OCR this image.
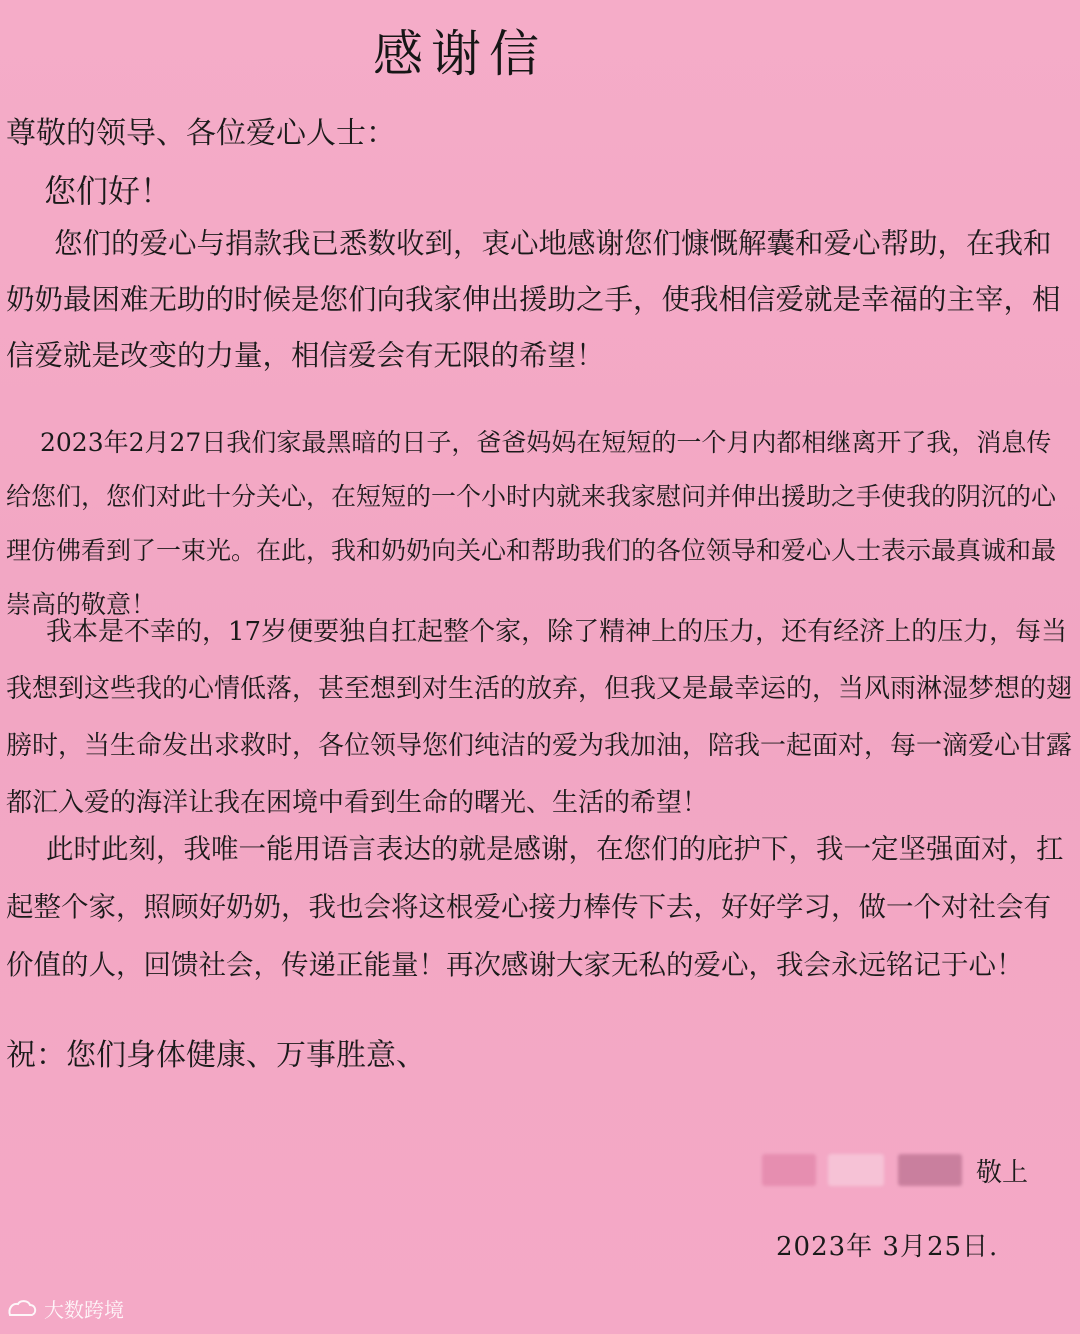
感谢信
尊敬的领导、各位爱心人士：
您们好！
您们的爱心与捐款我已悉数收到，衷心地感谢您们慷慨解囊和爱心帮助，在我和奶奶最困难无助的时候是您们向我家伸出援助之手，使我相信爱就是幸福的主宰，相信爱就是改变的力量，相信爱会有无限的希望！
2023年2月27日我们家最黑暗的日子，爸爸妈妈在短短的一个月内都相继离开了我，消息传给您们，您们对此十分关心，在短短的一个小时内就来我家慰问并伸出援助之手使我的阴沉的心理仿佛看到了一束光。在此，我和奶奶向关心和帮助我们的各位领导和爱心人士表示最真诚和最崇高的敬意！
我本是不幸的，17岁便要独自扛起整个家，除了精神上的压力，还有经济上的压力，每当我想到这些我的心情低落，甚至想到对生活的放弃，但我又是最幸运的，当风雨淋湿梦想的翅膀时，当生命发出求救时，各位领导您们纯洁的爱为我加油，陪我一起面对，每一滴爱心甘露都汇入爱的海洋让我在困境中看到生命的曙光、生活的希望！
此时此刻，我唯一能用语言表达的就是感谢，在您们的庇护下，我一定坚强面对，扛起整个家，照顾好奶奶，我也会将这根爱心接力棒传下去，好好学习，做一个对社会有价值的人，回馈社会，传递正能量！再次感谢大家无私的爱心，我会永远铭记于心！
祝：您们身体健康、万事胜意、
敬上
2023年 3月25日.
大数跨境
